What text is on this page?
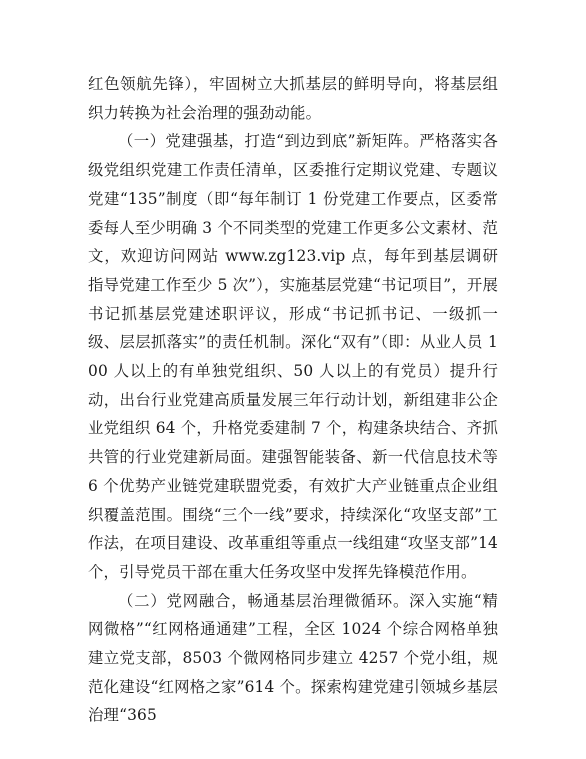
红色领航先锋），牢固树立大抓基层的鲜明导向，将基层组织力转换为社会治理的强劲动能。

（一）党建强基，打造“到边到底”新矩阵。严格落实各级党组织党建工作责任清单，区委推行定期议党建、专题议党建“135”制度（即“每年制订 1 份党建工作要点，区委常委每人至少明确 3 个不同类型的党建工作更多公文素材、范文，欢迎访问网站 www.zg123.vip 点，每年到基层调研指导党建工作至少 5 次”），实施基层党建“书记项目”，开展书记抓基层党建述职评议，形成“书记抓书记、一级抓一级、层层抓落实”的责任机制。深化“双有”（即：从业人员 100 人以上的有单独党组织、50 人以上的有党员）提升行动，出台行业党建高质量发展三年行动计划，新组建非公企业党组织 64 个，升格党委建制 7 个，构建条块结合、齐抓共管的行业党建新局面。建强智能装备、新一代信息技术等 6 个优势产业链党建联盟党委，有效扩大产业链重点企业组织覆盖范围。围绕“三个一线”要求，持续深化“攻坚支部”工作法，在项目建设、改革重组等重点一线组建“攻坚支部”14 个，引导党员干部在重大任务攻坚中发挥先锋模范作用。

（二）党网融合，畅通基层治理微循环。深入实施“精网微格”“红网格通通建”工程，全区 1024 个综合网格单独建立党支部，8503 个微网格同步建立 4257 个党小组，规范化建设“红网格之家”614 个。探索构建党建引领城乡基层治理“365
